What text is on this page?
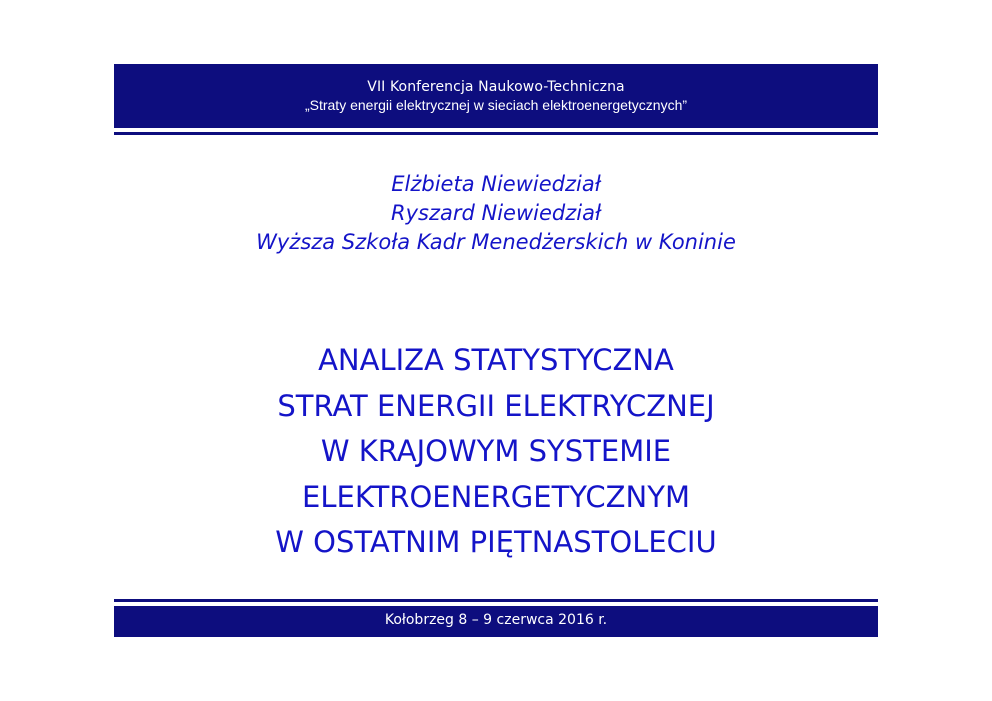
VII Konferencja Naukowo-Techniczna
„Straty energii elektrycznej w sieciach elektroenergetycznych”
Elżbieta Niewiedział
Ryszard Niewiedział
Wyższa Szkoła Kadr Menedżerskich w Koninie
ANALIZA STATYSTYCZNA
STRAT ENERGII ELEKTRYCZNEJ
W KRAJOWYM SYSTEMIE
ELEKTROENERGETYCZNYM
W OSTATNIM PIĘTNASTOLECIU
Kołobrzeg 8 – 9 czerwca 2016 r.
